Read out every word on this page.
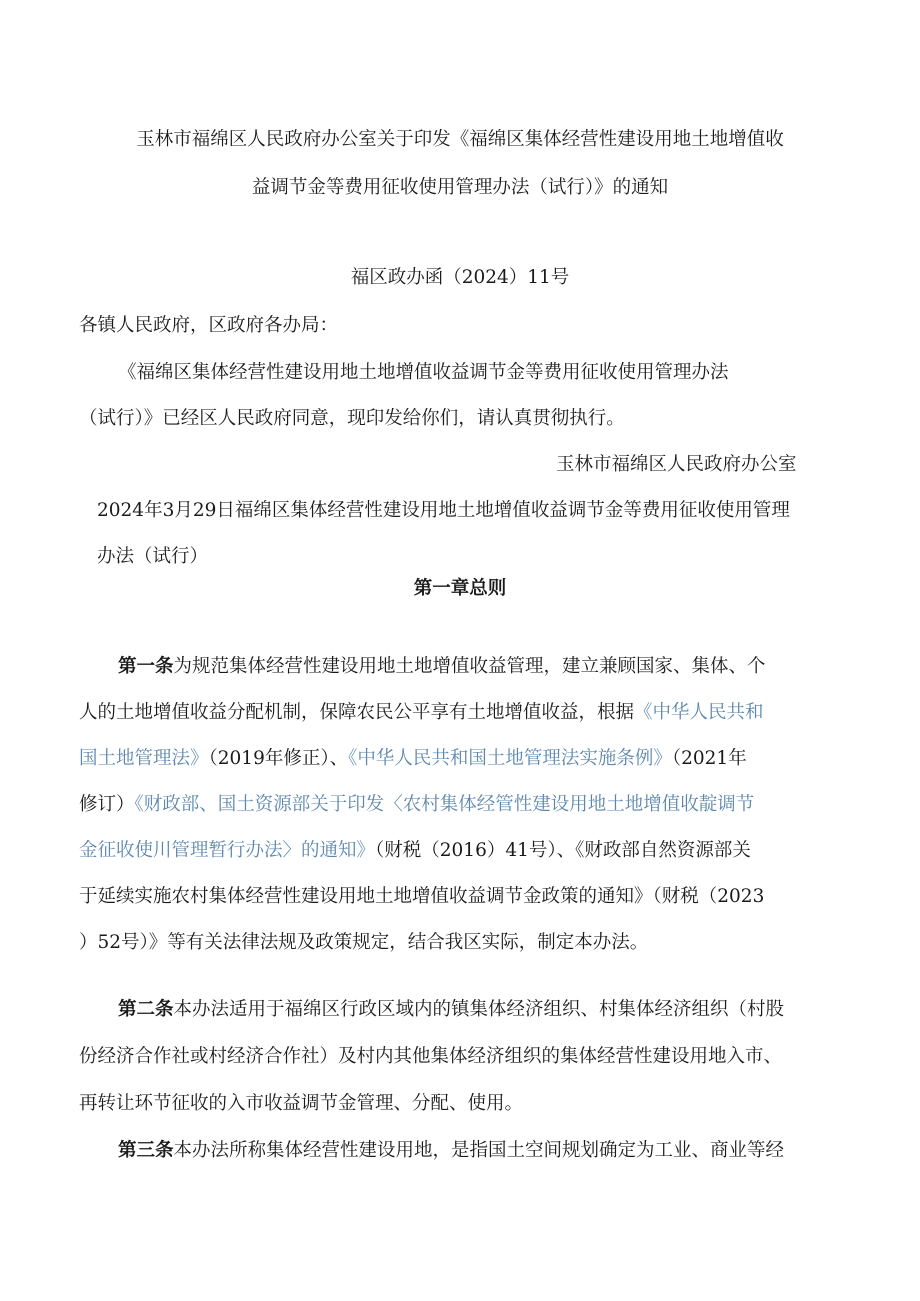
玉林市福绵区人民政府办公室关于印发《福绵区集体经营性建设用地土地增值收
益调节金等费用征收使用管理办法（试行）》的通知
福区政办函（2024）11号
各镇人民政府，区政府各办局：
《福绵区集体经营性建设用地土地增值收益调节金等费用征收使用管理办法
（试行）》已经区人民政府同意，现印发给你们，请认真贯彻执行。
玉林市福绵区人民政府办公室
2024年3月29日福绵区集体经营性建设用地土地增值收益调节金等费用征收使用管理
办法（试行）
第一章总则
第一条为规范集体经营性建设用地土地增值收益管理，建立兼顾国家、集体、个
人的土地增值收益分配机制，保障农民公平享有土地增值收益，根据《中华人民共和
国土地管理法》（2019年修正）、《中华人民共和国土地管理法实施条例》（2021年
修订）《财政部、国土资源部关于印发〈农村集体经管性建设用地土地增值收靛调节
金征收使川管理暂行办法〉的通知》（财税（2016）41号）、《财政部自然资源部关
于延续实施农村集体经营性建设用地土地增值收益调节金政策的通知》（财税（2023
）52号）》等有关法律法规及政策规定，结合我区实际，制定本办法。
第二条本办法适用于福绵区行政区域内的镇集体经济组织、村集体经济组织（村股
份经济合作社或村经济合作社）及村内其他集体经济组织的集体经营性建设用地入市、
再转让环节征收的入市收益调节金管理、分配、使用。
第三条本办法所称集体经营性建设用地，是指国土空间规划确定为工业、商业等经
